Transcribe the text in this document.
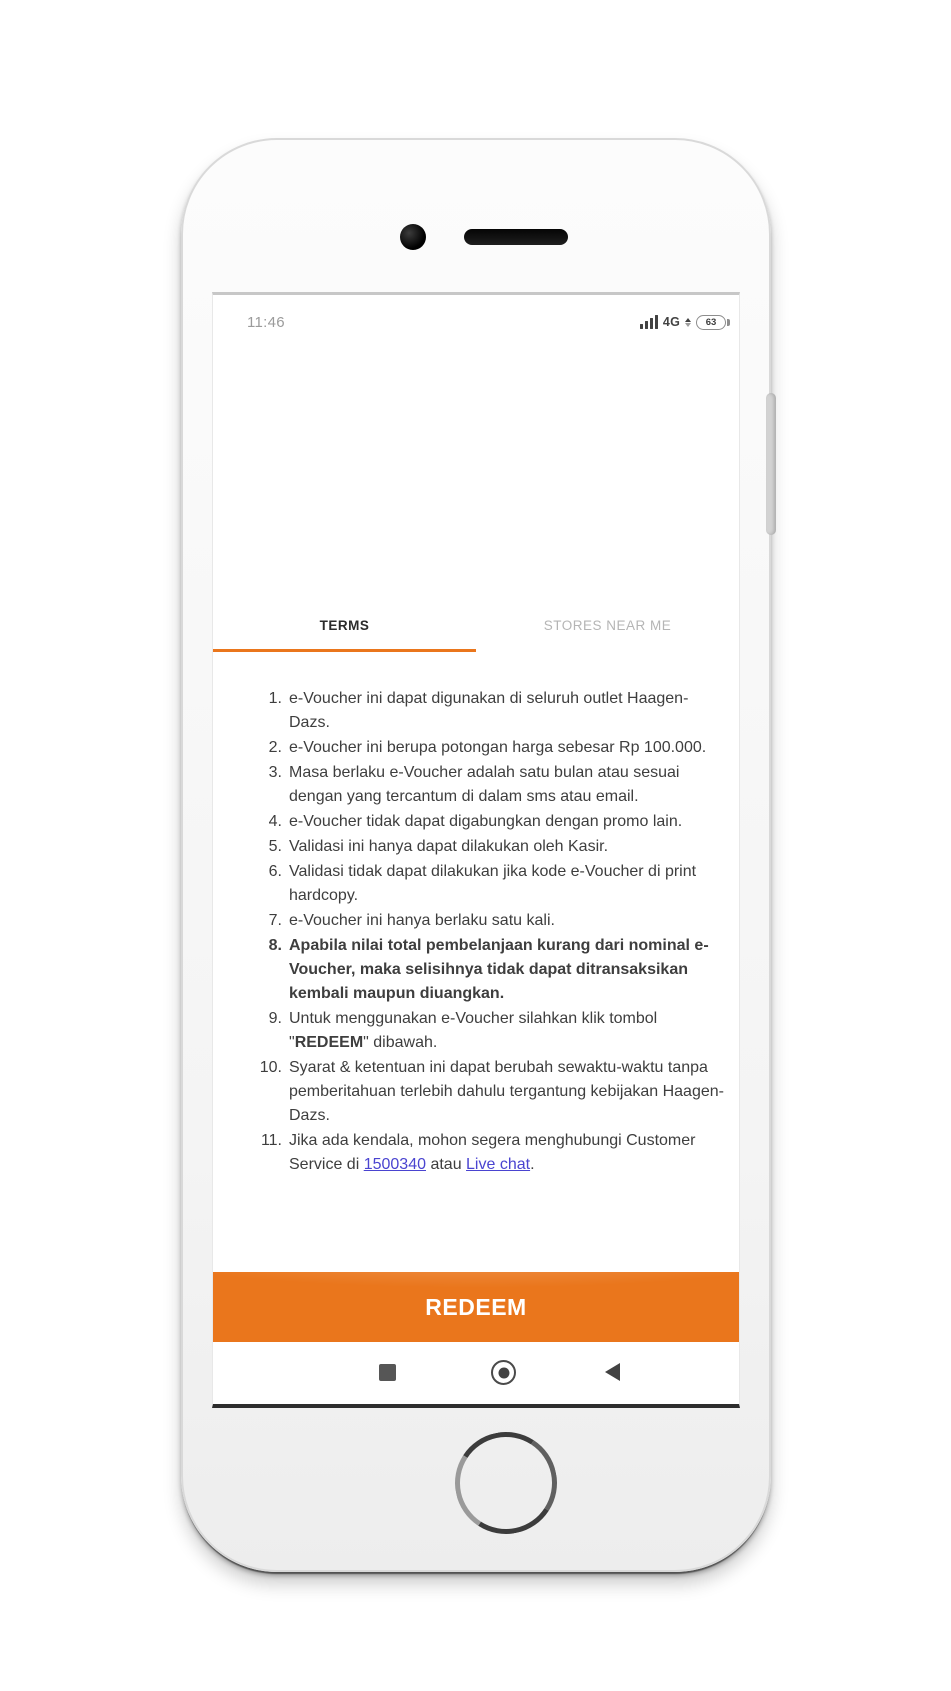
11:46	4G	63
TERMS	STORES NEAR ME
1. e-Voucher ini dapat digunakan di seluruh outlet Haagen-Dazs.
2. e-Voucher ini berupa potongan harga sebesar Rp 100.000.
3. Masa berlaku e-Voucher adalah satu bulan atau sesuai dengan yang tercantum di dalam sms atau email.
4. e-Voucher tidak dapat digabungkan dengan promo lain.
5. Validasi ini hanya dapat dilakukan oleh Kasir.
6. Validasi tidak dapat dilakukan jika kode e-Voucher di print hardcopy.
7. e-Voucher ini hanya berlaku satu kali.
8. Apabila nilai total pembelanjaan kurang dari nominal e-Voucher, maka selisihnya tidak dapat ditransaksikan kembali maupun diuangkan.
9. Untuk menggunakan e-Voucher silahkan klik tombol "REDEEM" dibawah.
10. Syarat & ketentuan ini dapat berubah sewaktu-waktu tanpa pemberitahuan terlebih dahulu tergantung kebijakan Haagen-Dazs.
11. Jika ada kendala, mohon segera menghubungi Customer Service di 1500340 atau Live chat.
REDEEM
